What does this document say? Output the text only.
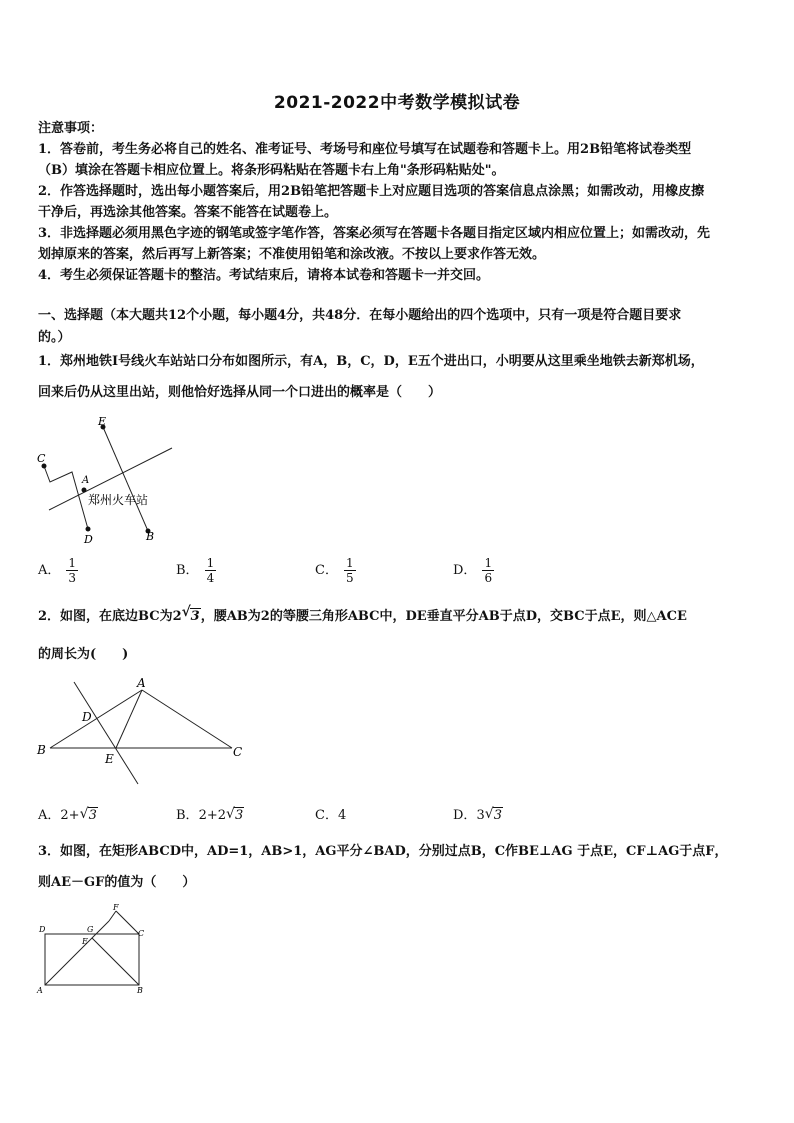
2021-2022中考数学模拟试卷
注意事项：
1．答卷前，考生务必将自己的姓名、准考证号、考场号和座位号填写在试题卷和答题卡上。用2B铅笔将试卷类型
（B）填涂在答题卡相应位置上。将条形码粘贴在答题卡右上角"条形码粘贴处"。
2．作答选择题时，选出每小题答案后，用2B铅笔把答题卡上对应题目选项的答案信息点涂黑；如需改动，用橡皮擦
干净后，再选涂其他答案。答案不能答在试题卷上。
3．非选择题必须用黑色字迹的钢笔或签字笔作答，答案必须写在答题卡各题目指定区域内相应位置上；如需改动，先
划掉原来的答案，然后再写上新答案；不准使用铅笔和涂改液。不按以上要求作答无效。
4．考生必须保证答题卡的整洁。考试结束后，请将本试卷和答题卡一并交回。
一、选择题（本大题共12个小题，每小题4分，共48分．在每小题给出的四个选项中，只有一项是符合题目要求
的。）
1．郑州地铁Ⅰ号线火车站站口分布如图所示，有A，B，C，D，E五个进出口，小明要从这里乘坐地铁去新郑机场，
回来后仍从这里出站，则他恰好选择从同一个口进出的概率是（　　）
E
C
A
D	B
郑州火车站
A． $\frac{1}{3}$	B． $\frac{1}{4}$	C． $\frac{1}{5}$	D． $\frac{1}{6}$
2．如图，在底边BC为2 √ 3，腰AB为2的等腰三角形ABC中，DE垂直平分AB于点D，交BC于点E，则△ACE
的周长为(　　)
A
D
B
E	C
A．2+ √ 3	B．2+2 √ 3	C．4	D．3 √ 3
3．如图，在矩形ABCD中，AD=1，AB>1，AG平分∠BAD，分别过点B，C作BE⊥AG 于点E，CF⊥AG于点F，
则AE－GF的值为（　　）
F
D	G	C
E
A	B
